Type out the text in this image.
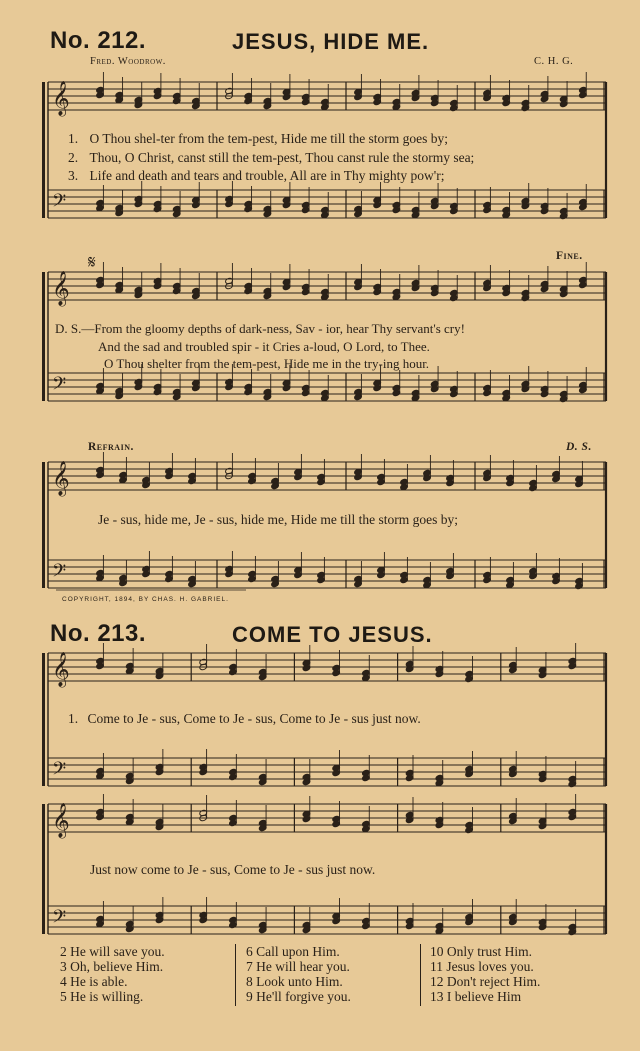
No. 212.	JESUS, HIDE ME.
Fred. Woodrow.	C. H. G.
𝄞
𝄢
𝄞
𝄢
𝄞
𝄢
𝄞
𝄢
𝄞
𝄢
1. O Thou shel-ter from the tem-pest, Hide me till the storm goes by;
2. Thou, O Christ, canst still the tem-pest, Thou canst rule the stormy sea;
3. Life and death and tears and trouble, All are in Thy mighty pow'r;
𝄋	Fine.
D. S.—From the gloomy depths of dark-ness, Sav - ior, hear Thy servant's cry!
And the sad and troubled spir - it Cries a-loud, O Lord, to Thee.
O Thou shelter from the tem-pest, Hide me in the try-ing hour.
Refrain.	D. S.
Je - sus, hide me, Je - sus, hide me, Hide me till the storm goes by;
COPYRIGHT, 1894, BY CHAS. H. GABRIEL.
No. 213.	COME TO JESUS.
1. Come to Je - sus, Come to Je - sus, Come to Je - sus just now.
Just now come to Je - sus, Come to Je - sus just now.
2 He will save you.
3 Oh, believe Him.
4 He is able.
5 He is willing.
6 Call upon Him.
7 He will hear you.
8 Look unto Him.
9 He'll forgive you.
10 Only trust Him.
11 Jesus loves you.
12 Don't reject Him.
13 I believe Him
